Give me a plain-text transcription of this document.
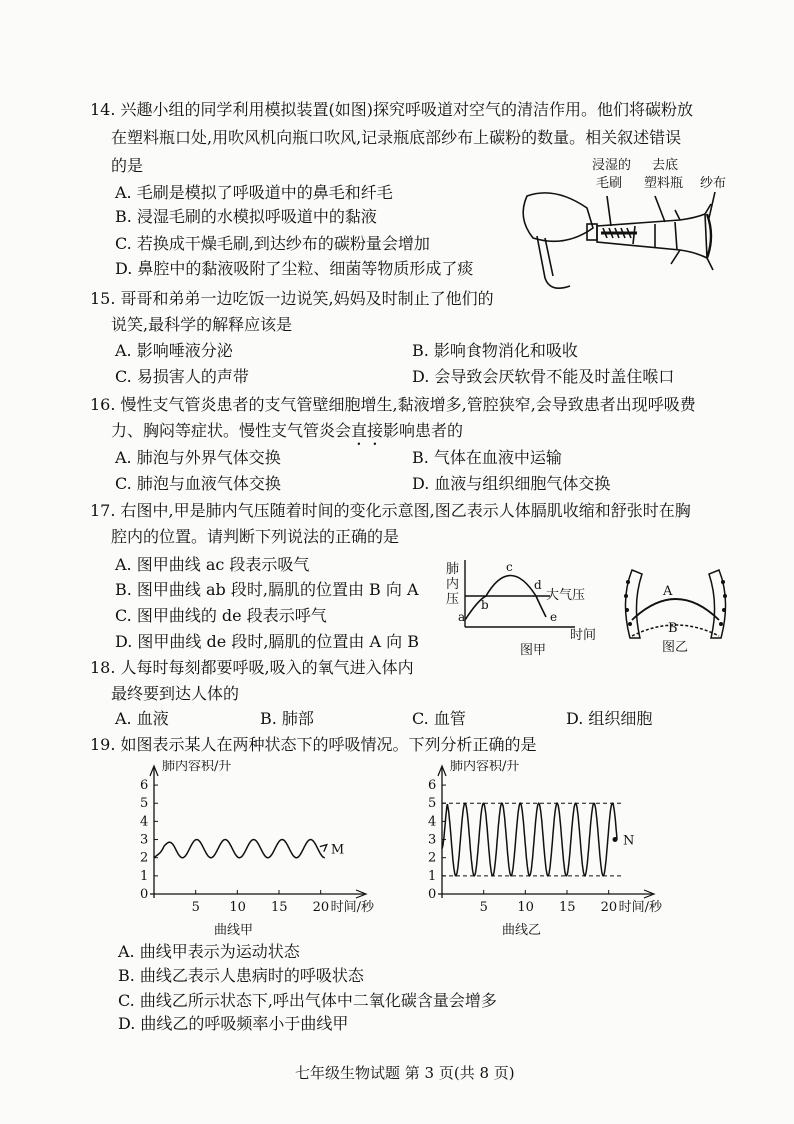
14. 兴趣小组的同学利用模拟装置(如图)探究呼吸道对空气的清洁作用。他们将碳粉放
在塑料瓶口处,用吹风机向瓶口吹风,记录瓶底部纱布上碳粉的数量。相关叙述错误
的是
A. 毛刷是模拟了呼吸道中的鼻毛和纤毛
B. 浸湿毛刷的水模拟呼吸道中的黏液
C. 若换成干燥毛刷,到达纱布的碳粉量会增加
D. 鼻腔中的黏液吸附了尘粒、细菌等物质形成了痰
浸湿的
毛刷
去底
塑料瓶 纱布
15. 哥哥和弟弟一边吃饭一边说笑,妈妈及时制止了他们的
说笑,最科学的解释应该是
A. 影响唾液分泌	B. 影响食物消化和吸收
C. 易损害人的声带	D. 会导致会厌软骨不能及时盖住喉口
16. 慢性支气管炎患者的支气管壁细胞增生,黏液增多,管腔狭窄,会导致患者出现呼吸费
力、胸闷等症状。慢性支气管炎会直接影响患者的
A. 肺泡与外界气体交换	B. 气体在血液中运输
C. 肺泡与血液气体交换	D. 血液与组织细胞气体交换
17. 右图中,甲是肺内气压随着时间的变化示意图,图乙表示人体膈肌收缩和舒张时在胸
腔内的位置。请判断下列说法的正确的是
A. 图甲曲线 ac 段表示吸气
B. 图甲曲线 ab 段时,膈肌的位置由 B 向 A
C. 图甲曲线的 de 段表示呼气
D. 图甲曲线 de 段时,膈肌的位置由 A 向 B
肺
内
压
a
b
c
d
e
大气压
时间
图甲
A
B
图乙
18. 人每时每刻都要呼吸,吸入的氧气进入体内
最终要到达人体的
A. 血液	B. 肺部	C. 血管	D. 组织细胞
19. 如图表示某人在两种状态下的呼吸情况。下列分析正确的是
肺内容积/升
0
1
2
3
4
5
6
5 10 15 20 时间/秒
曲线甲
M
肺内容积/升
0
1
2
3
4
5
6
5 10 15 20 时间/秒
曲线乙
N
A. 曲线甲表示为运动状态
B. 曲线乙表示人患病时的呼吸状态
C. 曲线乙所示状态下,呼出气体中二氧化碳含量会增多
D. 曲线乙的呼吸频率小于曲线甲
七年级生物试题 第 3 页(共 8 页)
